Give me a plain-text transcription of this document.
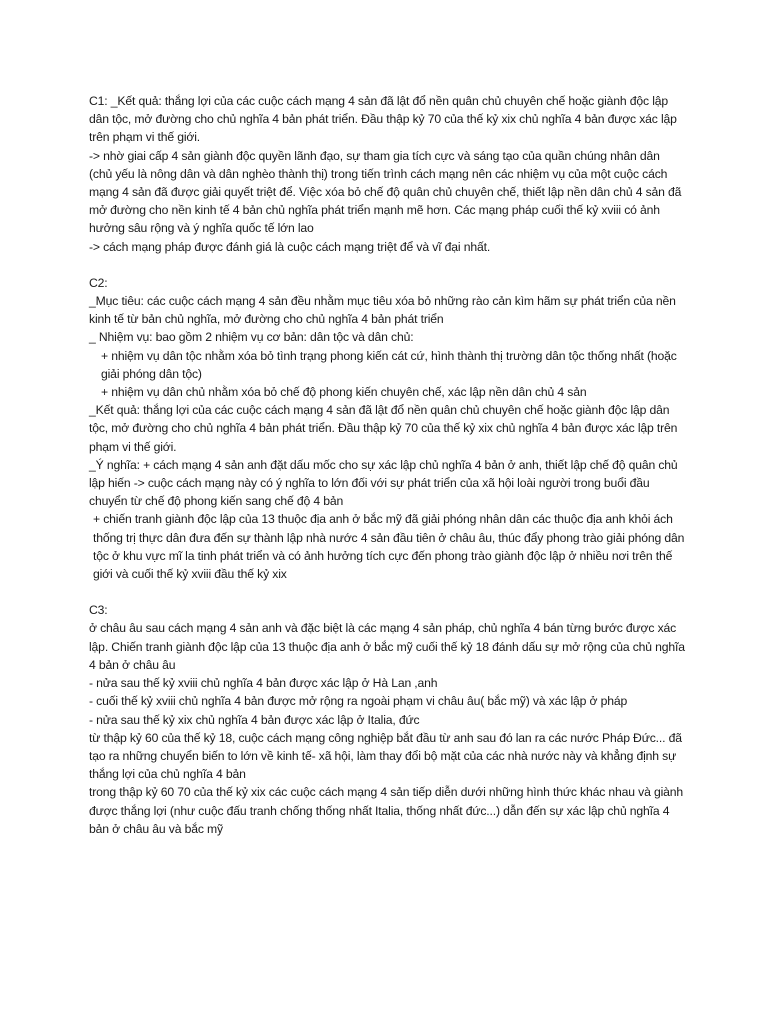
C1: _Kết quả: thắng lợi của các cuộc cách mạng 4 sản đã lật đổ nền quân chủ chuyên chế hoặc giành độc lập dân tộc, mở đường cho chủ nghĩa 4 bản phát triển. Đầu thập kỷ 70 của thế kỷ xix chủ nghĩa 4 bản được xác lập trên phạm vi thế giới.
-> nhờ giai cấp 4 sản giành độc quyền lãnh đạo, sự tham gia tích cực và sáng tạo của quần chúng nhân dân (chủ yếu là nông dân và dân nghèo thành thị) trong tiến trình cách mạng nên các nhiệm vụ của một cuộc cách mạng 4 sản đã được giải quyết triệt để. Việc xóa bỏ chế độ quân chủ chuyên chế, thiết lập nền dân chủ 4 sản đã mở đường cho nền kinh tế 4 bản chủ nghĩa phát triển mạnh mẽ hơn. Các mạng pháp cuối thế kỷ xviii có ảnh hưởng sâu rộng và ý nghĩa quốc tế lớn lao
-> cách mạng pháp được đánh giá là cuộc cách mạng triệt để và vĩ đại nhất.
C2:
_Mục tiêu: các cuộc cách mạng 4 sản đều nhằm mục tiêu xóa bỏ những rào cản kìm hãm sự phát triển của nền kinh tế từ bản chủ nghĩa, mở đường cho chủ nghĩa 4 bản phát triển
_ Nhiệm vụ: bao gồm 2 nhiệm vụ cơ bản: dân tộc và dân chủ:
+ nhiệm vụ dân tộc nhằm xóa bỏ tình trạng phong kiến cát cứ, hình thành thị trường dân tộc thống nhất (hoặc giải phóng dân tộc)
+ nhiệm vụ dân chủ nhằm xóa bỏ chế độ phong kiến chuyên chế, xác lập nền dân chủ 4 sản
_Kết quả: thắng lợi của các cuộc cách mạng 4 sản đã lật đổ nền quân chủ chuyên chế hoặc giành độc lập dân tộc, mở đường cho chủ nghĩa 4 bản phát triển. Đầu thập kỷ 70 của thế kỷ xix chủ nghĩa 4 bản được xác lập trên phạm vi thế giới.
_Ý nghĩa: + cách mạng 4 sản anh đặt dấu mốc cho sự xác lập chủ nghĩa 4 bản ở anh, thiết lập chế độ quân chủ lập hiến -> cuộc cách mạng này có ý nghĩa to lớn đối với sự phát triển của xã hội loài người trong buổi đầu chuyển từ chế độ phong kiến sang chế độ 4 bản
+ chiến tranh giành độc lập của 13 thuộc địa anh ở bắc mỹ đã giải phóng nhân dân các thuộc địa anh khỏi ách thống trị thực dân đưa đến sự thành lập nhà nước 4 sản đầu tiên ở châu âu, thúc đẩy phong trào giải phóng dân tộc ở khu vực mĩ la tinh phát triển và có ảnh hưởng tích cực đến phong trào giành độc lập ở nhiều nơi trên thế giới và cuối thế kỷ xviii đầu thế kỷ xix
C3:
ở châu âu sau cách mạng 4 sản anh và đặc biệt là các mạng 4 sản pháp, chủ nghĩa 4 bán từng bước được xác lập. Chiến tranh giành độc lập của 13 thuộc địa anh ở bắc mỹ cuối thế kỷ 18 đánh dấu sự mở rộng của chủ nghĩa 4 bản ở châu âu
- nửa sau thế kỷ xviii chủ nghĩa 4 bản được xác lập ở Hà Lan ,anh
- cuối thế kỷ xviii chủ nghĩa 4 bản được mở rộng ra ngoài phạm vi châu âu( bắc mỹ) và xác lập ở pháp
- nửa sau thế kỷ xix chủ nghĩa 4 bản được xác lập ở Italia, đức
từ thập kỷ 60 của thế kỷ 18, cuộc cách mạng công nghiệp bắt đầu từ anh sau đó lan ra các nước Pháp Đức... đã tạo ra những chuyển biến to lớn về kinh tế- xã hội, làm thay đổi bộ mặt của các nhà nước này và khẳng định sự thắng lợi của chủ nghĩa 4 bản
trong thập kỷ 60 70 của thế kỷ xix các cuộc cách mạng 4 sản tiếp diễn dưới những hình thức khác nhau và giành được thắng lợi (như cuộc đấu tranh chống thống nhất Italia, thống nhất đức...) dẫn đến sự xác lập chủ nghĩa 4 bản ở châu âu và bắc mỹ
